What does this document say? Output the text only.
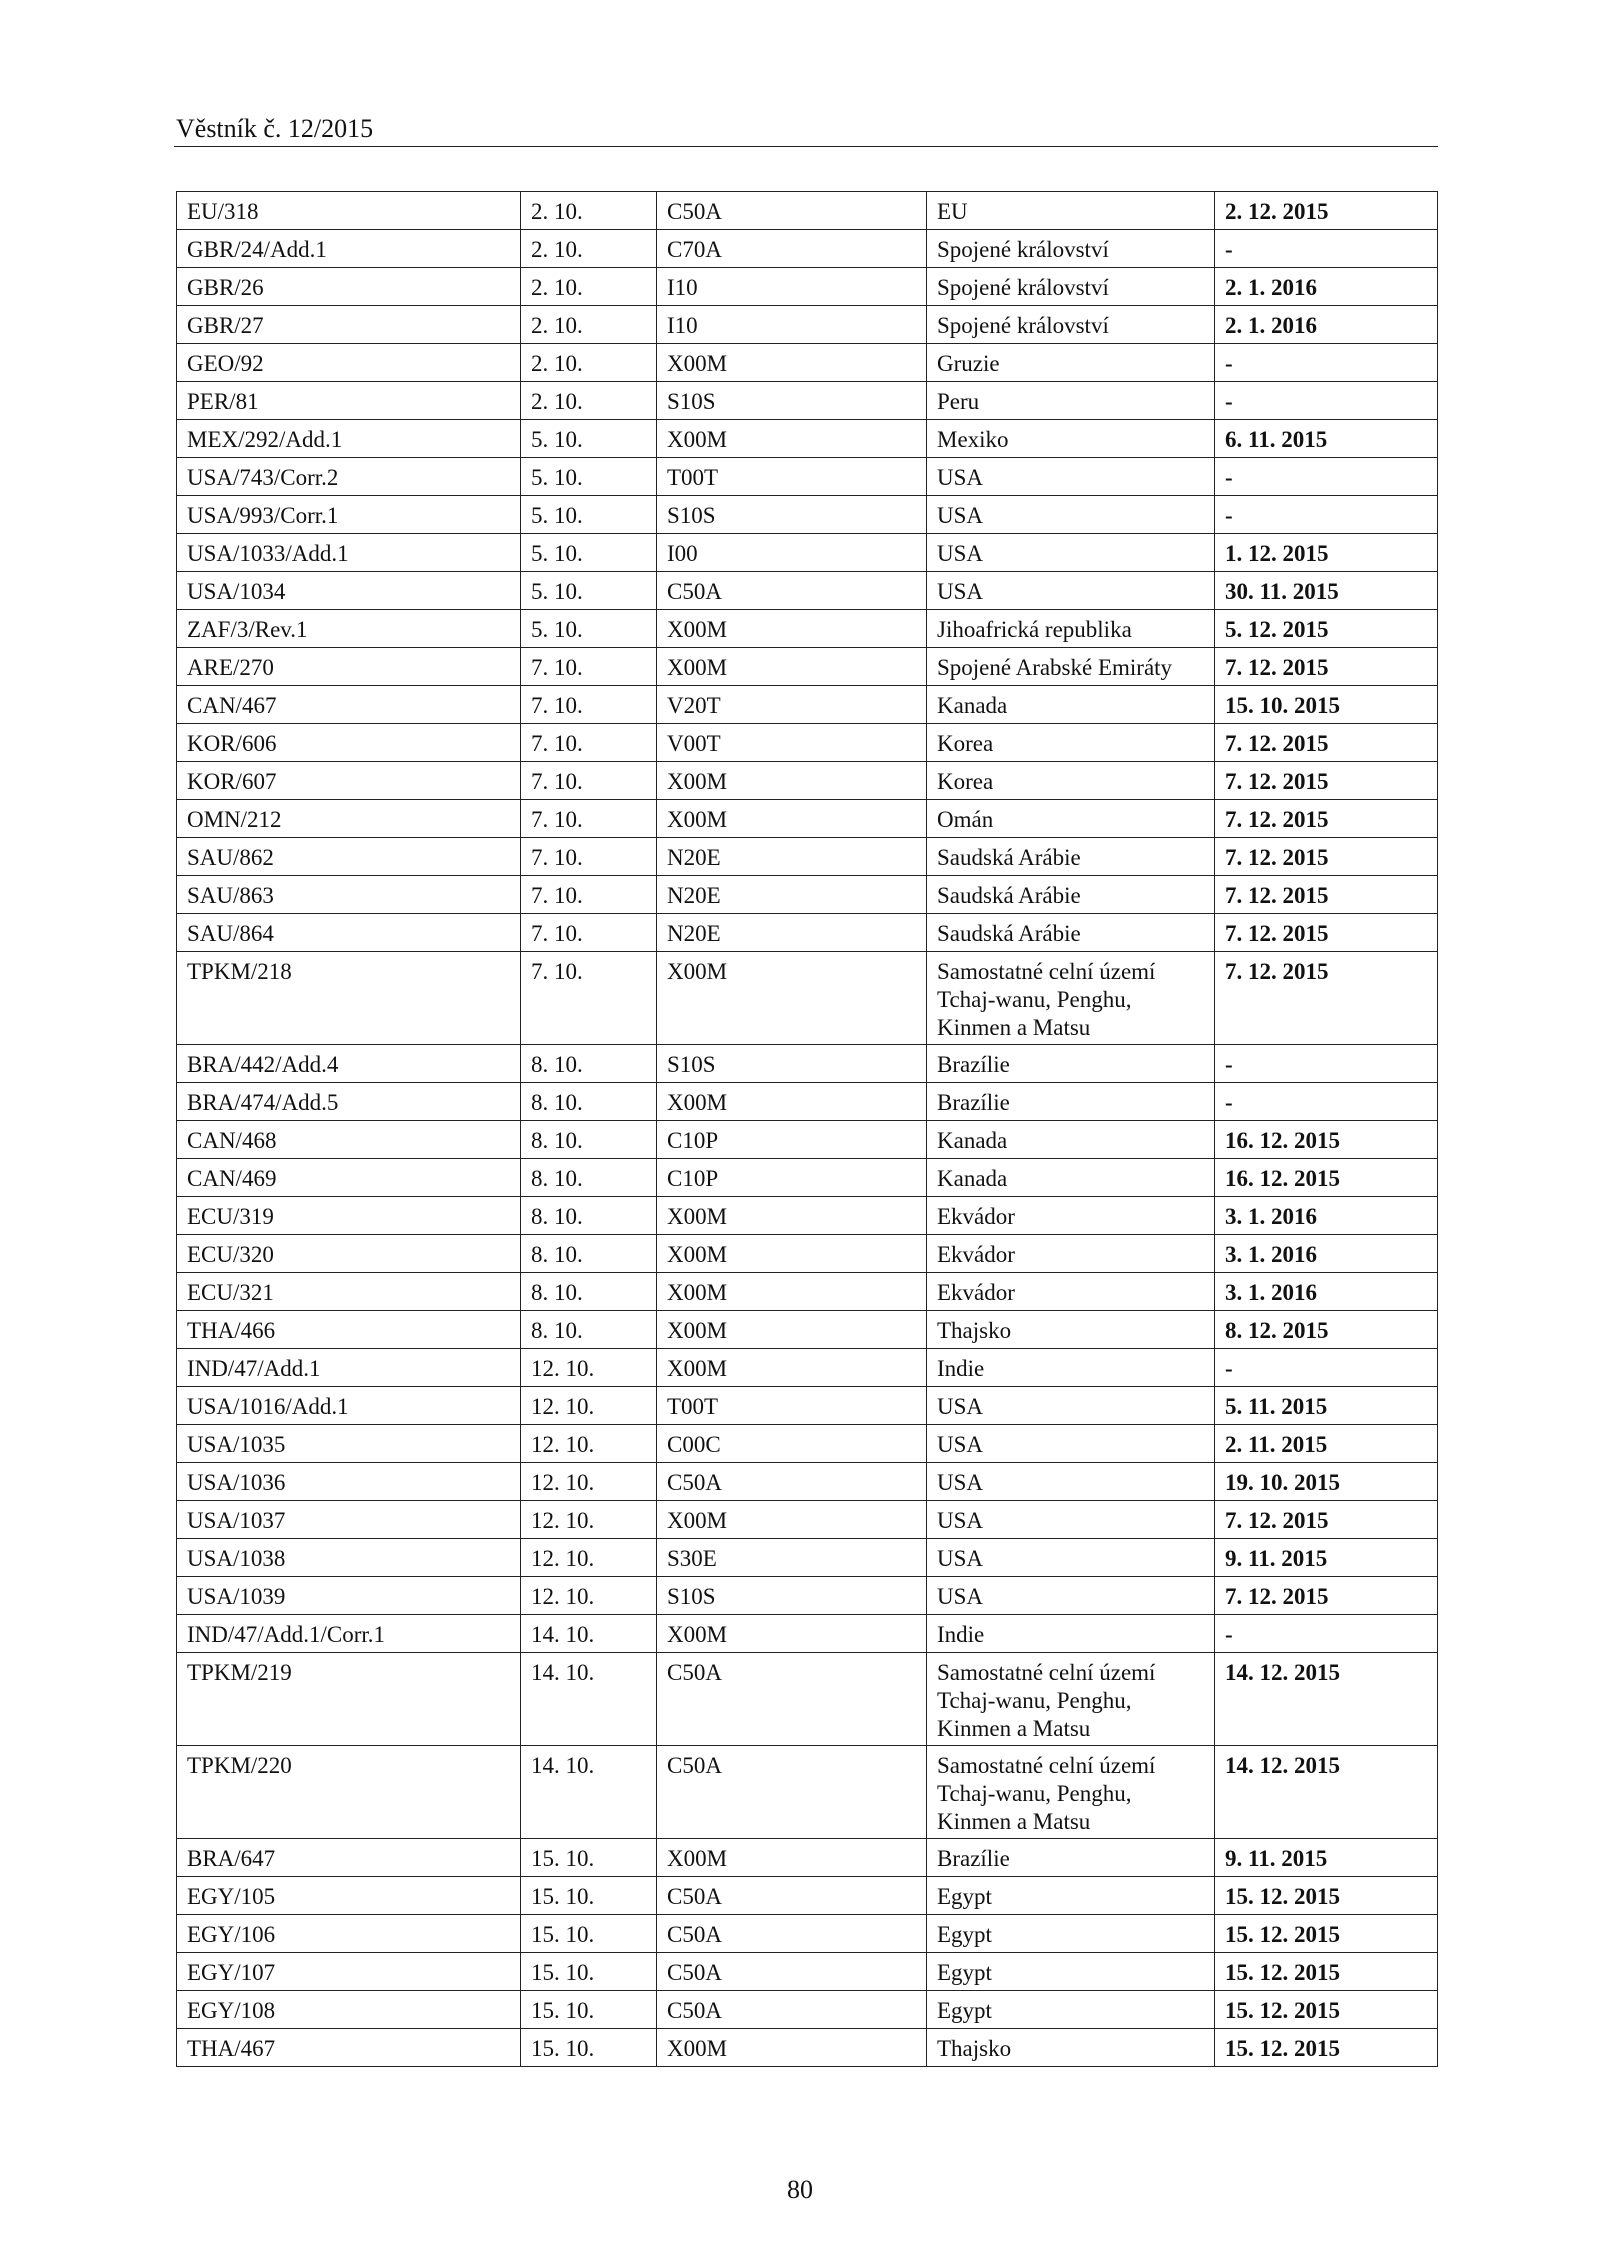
Věstník č. 12/2015
EU/318	2. 10.	C50A	EU	2. 12. 2015
GBR/24/Add.1	2. 10.	C70A	Spojené království	-
GBR/26	2. 10.	I10	Spojené království	2. 1. 2016
GBR/27	2. 10.	I10	Spojené království	2. 1. 2016
GEO/92	2. 10.	X00M	Gruzie	-
PER/81	2. 10.	S10S	Peru	-
MEX/292/Add.1	5. 10.	X00M	Mexiko	6. 11. 2015
USA/743/Corr.2	5. 10.	T00T	USA	-
USA/993/Corr.1	5. 10.	S10S	USA	-
USA/1033/Add.1	5. 10.	I00	USA	1. 12. 2015
USA/1034	5. 10.	C50A	USA	30. 11. 2015
ZAF/3/Rev.1	5. 10.	X00M	Jihoafrická republika	5. 12. 2015
ARE/270	7. 10.	X00M	Spojené Arabské Emiráty	7. 12. 2015
CAN/467	7. 10.	V20T	Kanada	15. 10. 2015
KOR/606	7. 10.	V00T	Korea	7. 12. 2015
KOR/607	7. 10.	X00M	Korea	7. 12. 2015
OMN/212	7. 10.	X00M	Omán	7. 12. 2015
SAU/862	7. 10.	N20E	Saudská Arábie	7. 12. 2015
SAU/863	7. 10.	N20E	Saudská Arábie	7. 12. 2015
SAU/864	7. 10.	N20E	Saudská Arábie	7. 12. 2015
TPKM/218	7. 10.	X00M	Samostatné celní území Tchaj-wanu, Penghu, Kinmen a Matsu	7. 12. 2015
BRA/442/Add.4	8. 10.	S10S	Brazílie	-
BRA/474/Add.5	8. 10.	X00M	Brazílie	-
CAN/468	8. 10.	C10P	Kanada	16. 12. 2015
CAN/469	8. 10.	C10P	Kanada	16. 12. 2015
ECU/319	8. 10.	X00M	Ekvádor	3. 1. 2016
ECU/320	8. 10.	X00M	Ekvádor	3. 1. 2016
ECU/321	8. 10.	X00M	Ekvádor	3. 1. 2016
THA/466	8. 10.	X00M	Thajsko	8. 12. 2015
IND/47/Add.1	12. 10.	X00M	Indie	-
USA/1016/Add.1	12. 10.	T00T	USA	5. 11. 2015
USA/1035	12. 10.	C00C	USA	2. 11. 2015
USA/1036	12. 10.	C50A	USA	19. 10. 2015
USA/1037	12. 10.	X00M	USA	7. 12. 2015
USA/1038	12. 10.	S30E	USA	9. 11. 2015
USA/1039	12. 10.	S10S	USA	7. 12. 2015
IND/47/Add.1/Corr.1	14. 10.	X00M	Indie	-
TPKM/219	14. 10.	C50A	Samostatné celní území Tchaj-wanu, Penghu, Kinmen a Matsu	14. 12. 2015
TPKM/220	14. 10.	C50A	Samostatné celní území Tchaj-wanu, Penghu, Kinmen a Matsu	14. 12. 2015
BRA/647	15. 10.	X00M	Brazílie	9. 11. 2015
EGY/105	15. 10.	C50A	Egypt	15. 12. 2015
EGY/106	15. 10.	C50A	Egypt	15. 12. 2015
EGY/107	15. 10.	C50A	Egypt	15. 12. 2015
EGY/108	15. 10.	C50A	Egypt	15. 12. 2015
THA/467	15. 10.	X00M	Thajsko	15. 12. 2015
80
